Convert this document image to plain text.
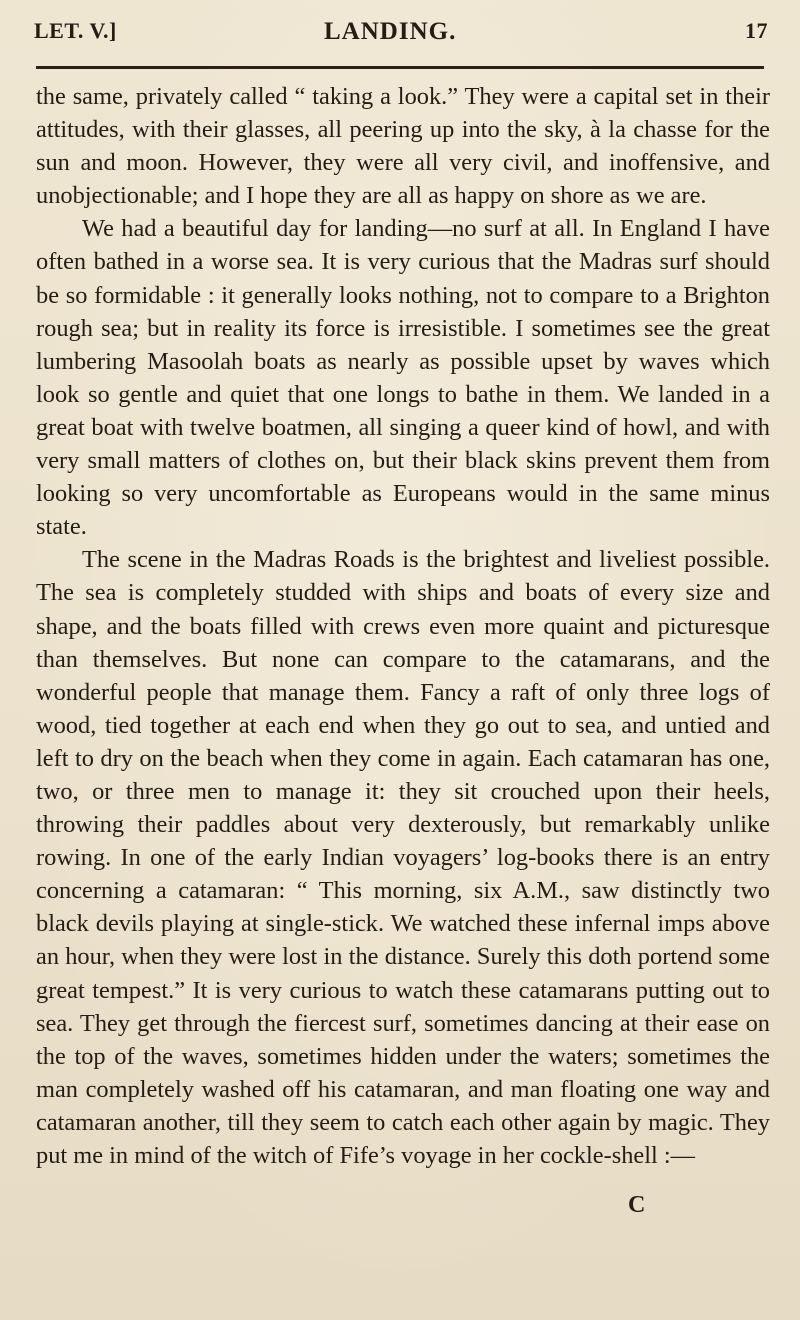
LET. V.]	LANDING.	17

the same, privately called “ taking a look.” They were a capital set in their attitudes, with their glasses, all peering up into the sky, à la chasse for the sun and moon. However, they were all very civil, and inoffensive, and unobjectionable; and I hope they are all as happy on shore as we are.

We had a beautiful day for landing—no surf at all. In England I have often bathed in a worse sea. It is very curious that the Madras surf should be so formidable : it generally looks nothing, not to compare to a Brighton rough sea; but in reality its force is irresistible. I sometimes see the great lumbering Masoolah boats as nearly as possible upset by waves which look so gentle and quiet that one longs to bathe in them. We landed in a great boat with twelve boatmen, all singing a queer kind of howl, and with very small matters of clothes on, but their black skins prevent them from looking so very uncomfortable as Europeans would in the same minus state.

The scene in the Madras Roads is the brightest and liveliest possible. The sea is completely studded with ships and boats of every size and shape, and the boats filled with crews even more quaint and picturesque than themselves. But none can compare to the catamarans, and the wonderful people that manage them. Fancy a raft of only three logs of wood, tied together at each end when they go out to sea, and untied and left to dry on the beach when they come in again. Each catamaran has one, two, or three men to manage it: they sit crouched upon their heels, throwing their paddles about very dexterously, but remarkably unlike rowing. In one of the early Indian voyagers’ log-books there is an entry concerning a catamaran: “ This morning, six A.M., saw distinctly two black devils playing at single-stick. We watched these infernal imps above an hour, when they were lost in the distance. Surely this doth portend some great tempest.” It is very curious to watch these catamarans putting out to sea. They get through the fiercest surf, sometimes dancing at their ease on the top of the waves, sometimes hidden under the waters; sometimes the man completely washed off his catamaran, and man floating one way and catamaran another, till they seem to catch each other again by magic. They put me in mind of the witch of Fife’s voyage in her cockle-shell :—

C
